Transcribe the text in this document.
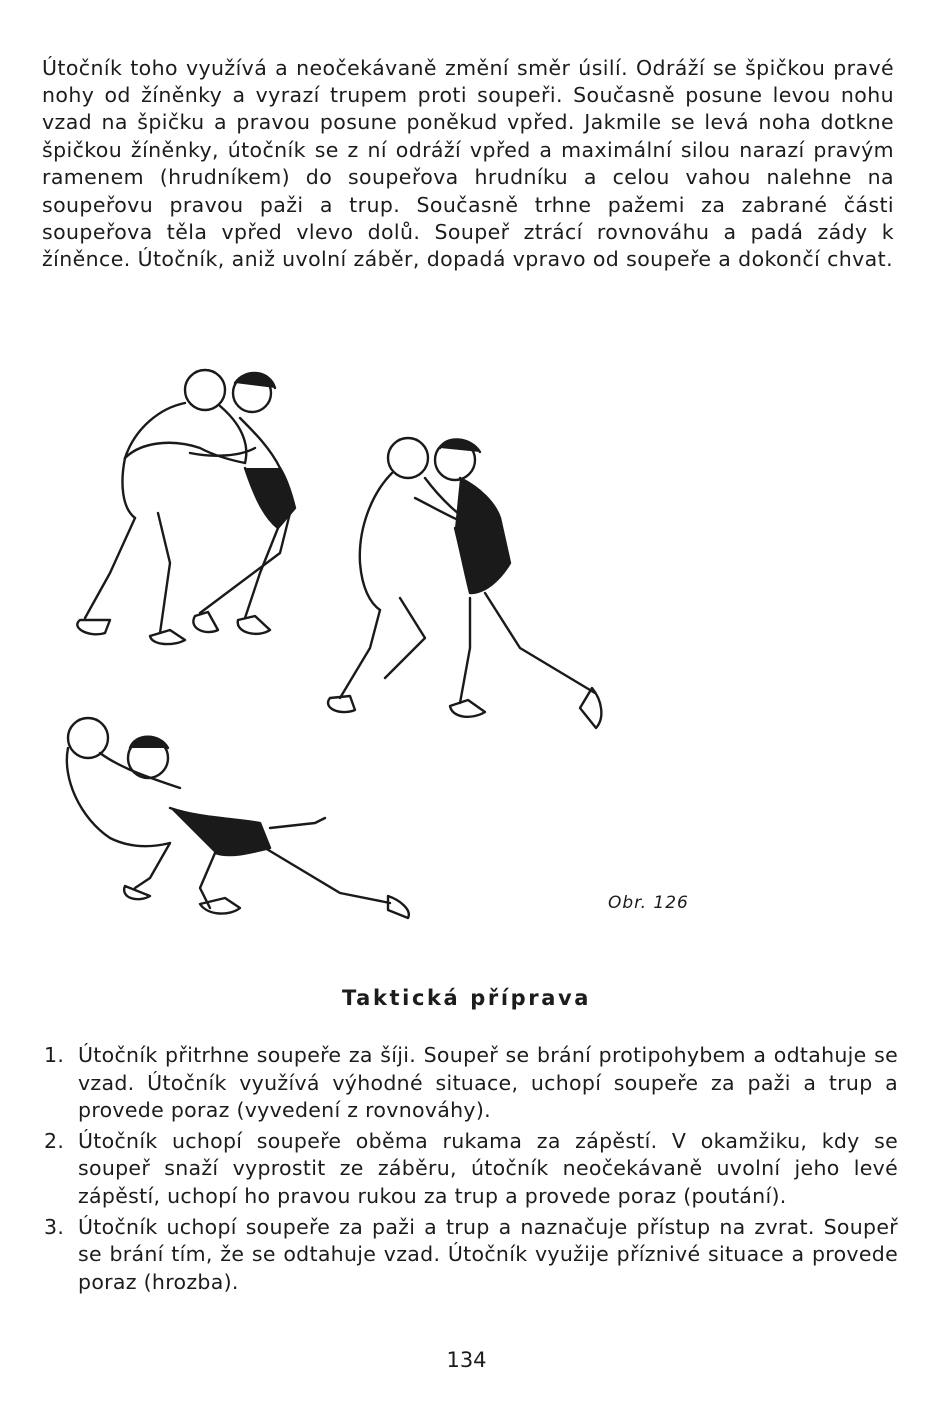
Útočník toho využívá a neočekávaně změní směr úsilí. Odráží se špičkou pravé nohy od žíněnky a vyrazí trupem proti soupeři. Současně posune levou nohu vzad na špičku a pravou posune poněkud vpřed. Jakmile se levá noha dotkne špičkou žíněnky, útočník se z ní odráží vpřed a maximální silou narazí pravým ramenem (hrudníkem) do soupeřova hrudníku a celou vahou nalehne na soupeřovu pravou paži a trup. Současně trhne pažemi za zabrané části soupeřova těla vpřed vlevo dolů. Soupeř ztrácí rovnováhu a padá zády k žíněnce. Útočník, aniž uvolní záběr, dopadá vpravo od soupeře a dokončí chvat.

Obr. 126
Taktická příprava
1. Útočník přitrhne soupeře za šíji. Soupeř se brání protipohybem a odtahuje se vzad. Útočník využívá výhodné situace, uchopí soupeře za paži a trup a provede poraz (vyvedení z rovnováhy).
2. Útočník uchopí soupeře oběma rukama za zápěstí. V okamžiku, kdy se soupeř snaží vyprostit ze záběru, útočník neočekávaně uvolní jeho levé zápěstí, uchopí ho pravou rukou za trup a provede poraz (poutání).
3. Útočník uchopí soupeře za paži a trup a naznačuje přístup na zvrat. Soupeř se brání tím, že se odtahuje vzad. Útočník využije příznivé situace a provede poraz (hrozba).
134
